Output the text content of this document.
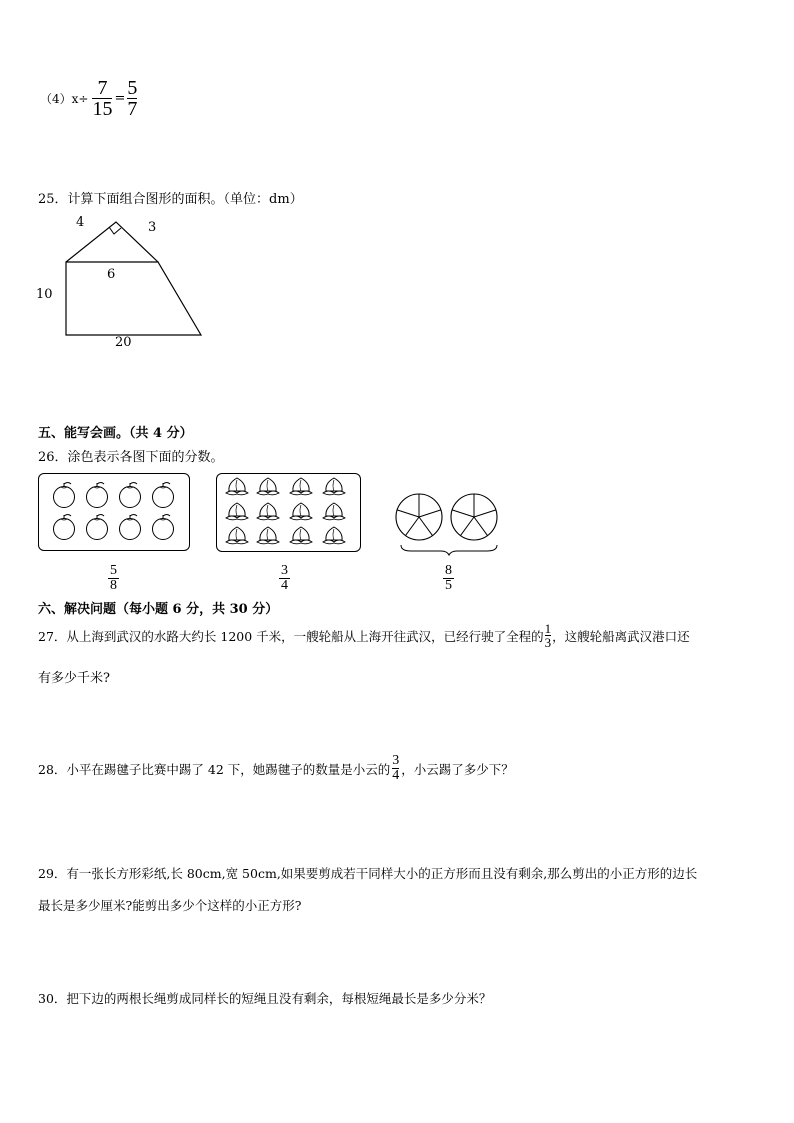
$(4)x\div \frac{7}{15} = \frac{5}{7}$
25．计算下面组合图形的面积。（单位：dm）
4	3
6
10
20
五、能写会画。（共 4 分）
26．涂色表示各图下面的分数。
5
8
3
4
8
5
六、解决问题（每小题 6 分，共 30 分）
27．从上海到武汉的水路大约长 1200 千米，一艘轮船从上海开往武汉，已经行驶了全程的 $\frac{1}{3}$ ，这艘轮船离武汉港口还
有多少千米?
28．小平在踢毽子比赛中踢了 42 下，她踢毽子的数量是小云的 $\frac{3}{4}$ ，小云踢了多少下？
29．有一张长方形彩纸,长 80cm,宽 50cm,如果要剪成若干同样大小的正方形而且没有剩余,那么剪出的小正方形的边长
最长是多少厘米?能剪出多少个这样的小正方形?
30．把下边的两根长绳剪成同样长的短绳且没有剩余，每根短绳最长是多少分米？
